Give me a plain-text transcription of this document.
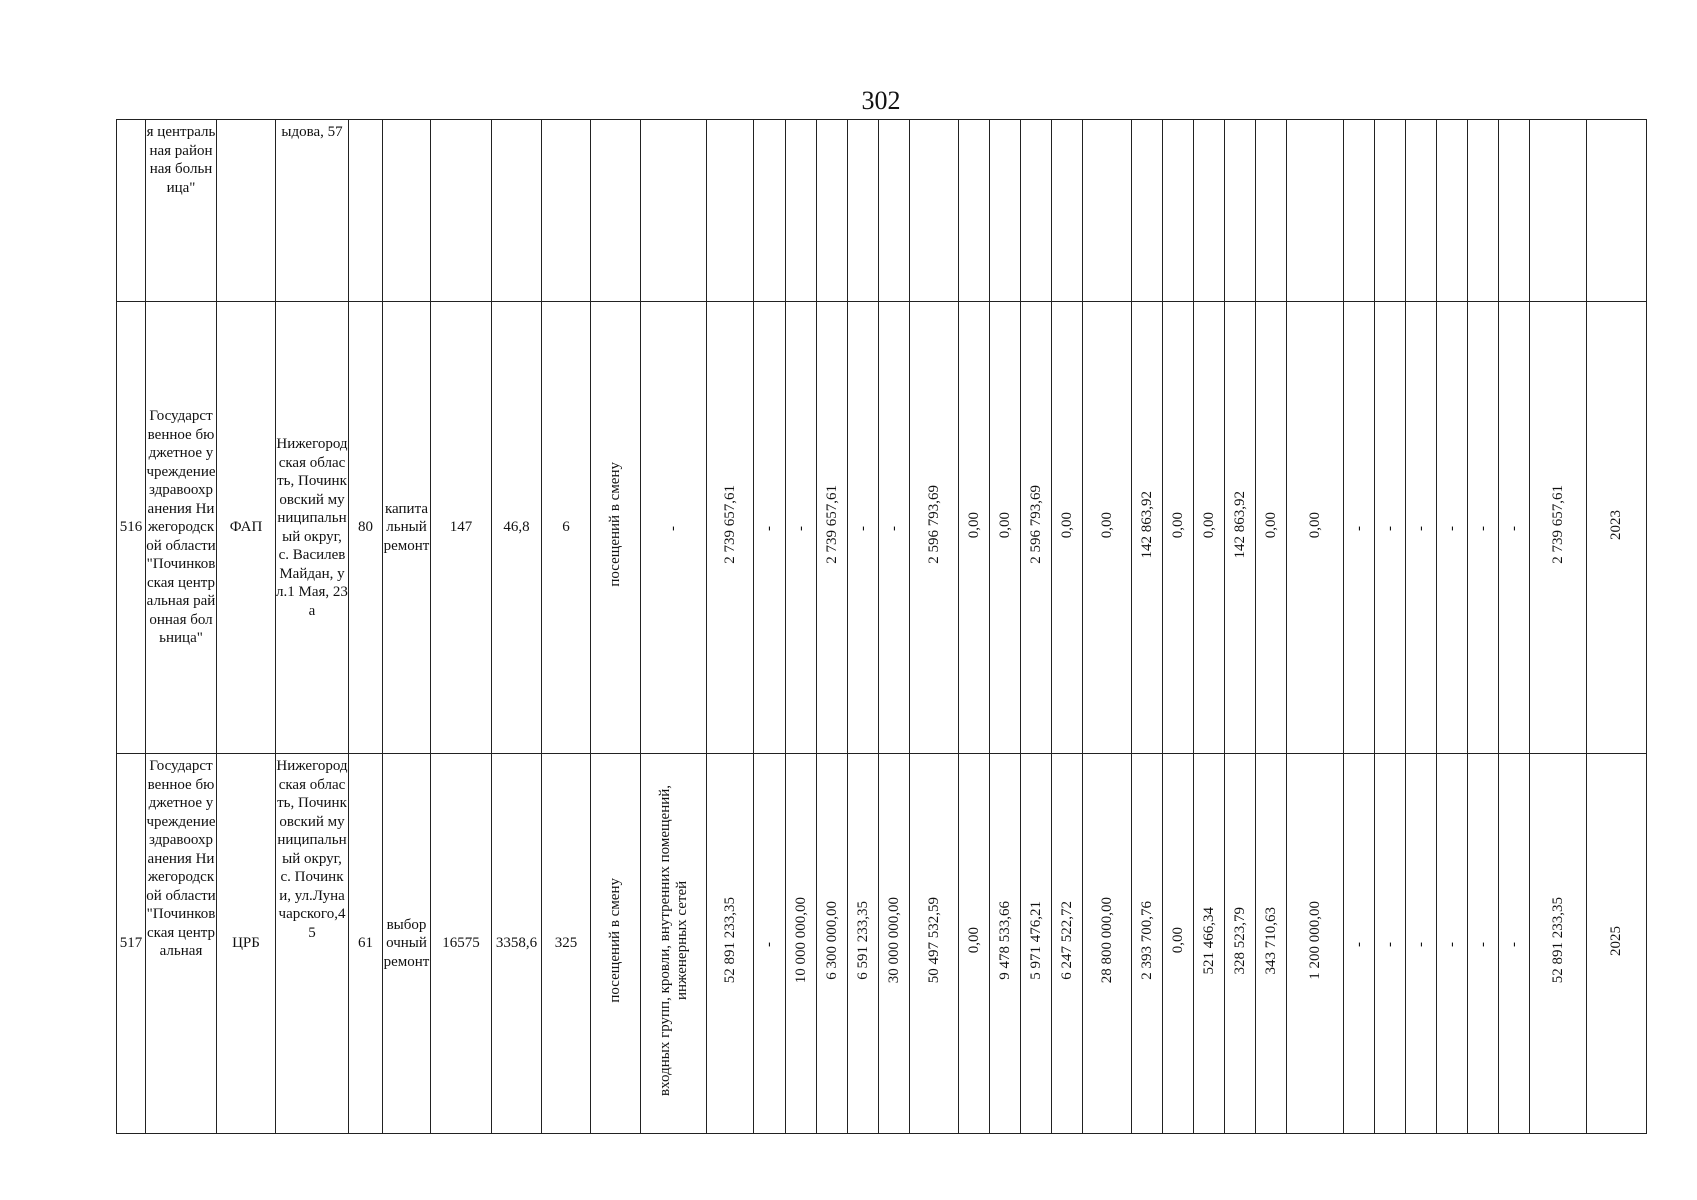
302
	я центральная районная больница"		ыдова, 57																																	
516	Государственное бюджетное учреждение здравоохранения Нижегородской области "Починковская центральная районная больница"	ФАП	Нижегородская область, Починковский муниципальный округ, с. Василев Майдан, ул.1 Мая, 23а	80	капитальный ремонт	147	46,8	6	посещений в смену	-	2 739 657,61	-	-	2 739 657,61	-	-	2 596 793,69	0,00	0,00	2 596 793,69	0,00	0,00	142 863,92	0,00	0,00	142 863,92	0,00	0,00	-	-	-	-	-	-	2 739 657,61	2023
517	Государственное бюджетное учреждение здравоохранения Нижегородской области "Починковская центральная	ЦРБ	Нижегородская область, Починковский муниципальный округ, с. Починки, ул.Луначарского,45	61	выборочный ремонт	16575	3358,6	325	посещений в смену	входных групп, кровли, внутренних помещений, инженерных сетей	52 891 233,35	-	10 000 000,00	6 300 000,00	6 591 233,35	30 000 000,00	50 497 532,59	0,00	9 478 533,66	5 971 476,21	6 247 522,72	28 800 000,00	2 393 700,76	0,00	521 466,34	328 523,79	343 710,63	1 200 000,00	-	-	-	-	-	-	52 891 233,35	2025
